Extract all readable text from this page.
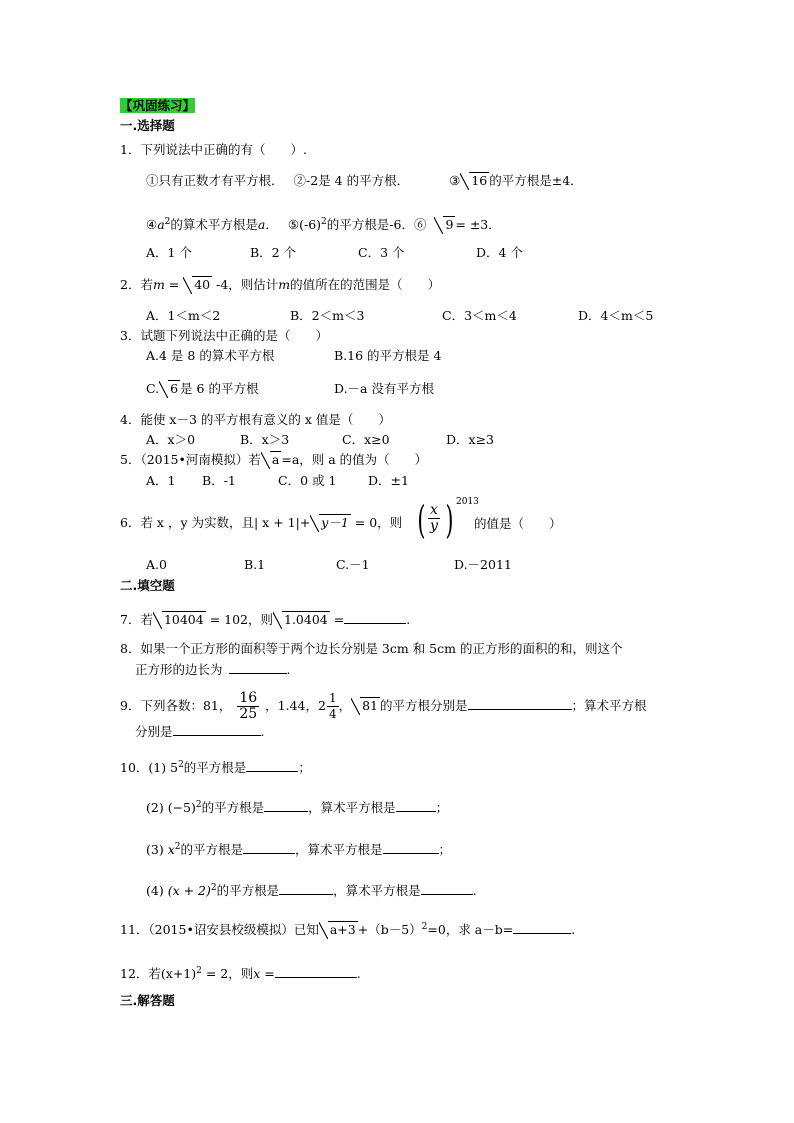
【巩固练习】
一.选择题
1．下列说法中正确的有（　　）.
①只有正数才有平方根． ②-2是 4 的平方根．	③ 16 的平方根是±4．
$④a^2$的算术平方根是a． $⑤(-6)^2$的平方根是-6．⑥ 9 = ±3．
A．1 个	B．2 个	C．3 个	D．4 个
2．若m = 40 -4，则估计m的值所在的范围是（　　）
A．1＜m＜2	B．2＜m＜3	C．3＜m＜4	D．4＜m＜5
3．试题下列说法中正确的是（　　）
A.4 是 8 的算术平方根	B.16 的平方根是 4
C. 6 是 6 的平方根	D.－a 没有平方根
4．能使 x－3 的平方根有意义的 x 值是（　　）
A．x＞0	B．x＞3	C．x≥0	D．x≥3
5．（2015•河南模拟）若 a =a，则 a 的值为（　　）
A．1 B．-1	C．0 或 1	D．±1
6．若 x ，y 为实数，且| x + 1|+ y－1 = 0，则 ( $\frac{x}{y}$ ) 2013
的值是（　　）
A.0	B.1	C.－1	D.－2011
二.填空题
7．若 10404 = 102，则 1.0404 =	.
8．如果一个正方形的面积等于两个边长分别是 3cm 和 5cm 的正方形的面积的和，则这个
正方形的边长为	.
9．下列各数：81， $\frac{16}{25}$ ，1.44，$2 \frac{1}{4}$ ， 81 的平方根分别是	；算术平方根
分别是	.
10．(1) $5^2$的平方根是	；
(2) $(-5)^2$的平方根是	，算术平方根是	；
(3) $x^2$的平方根是	，算术平方根是	；
(4) $(x + 2)^2$的平方根是	，算术平方根是	.
11．（2015•诏安县校级模拟）已知 $a+3 +(b-5)^2=0$，求 a－b=	.
12．若$(x+1)^2 = 2$，则x =	.
三.解答题
